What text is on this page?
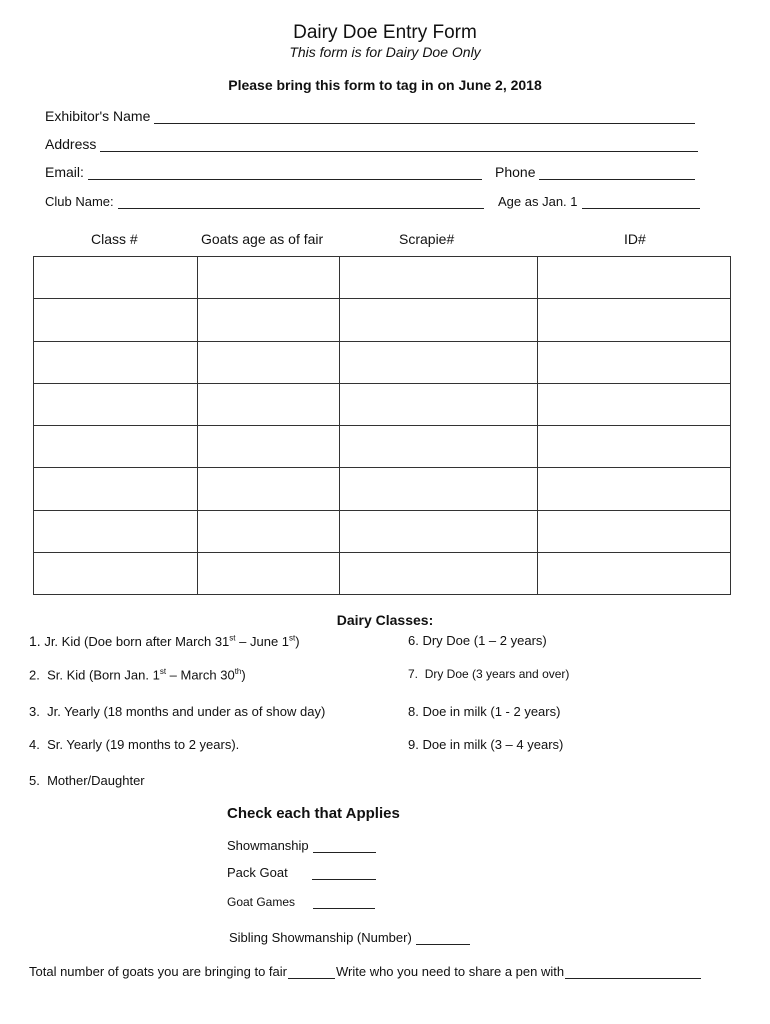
Dairy Doe Entry Form
This form is for Dairy Doe Only
Please bring this form to tag in on June 2, 2018
Exhibitor's Name
Address
Email:	Phone
Club Name:	Age as Jan. 1
Class #	Goats age as of fair	Scrapie#	ID#

Dairy Classes:
1. Jr. Kid (Doe born after March 31st – June 1st)
2. Sr. Kid (Born Jan. 1st – March 30th)
3. Jr. Yearly (18 months and under as of show day)
4. Sr. Yearly (19 months to 2 years).
5. Mother/Daughter
6. Dry Doe (1 – 2 years)
7. Dry Doe (3 years and over)
8. Doe in milk (1 - 2 years)
9. Doe in milk (3 – 4 years)
Check each that Applies
Showmanship
Pack Goat
Goat Games
Sibling Showmanship (Number)
Total number of goats you are bringing to fair	Write who you need to share a pen with
